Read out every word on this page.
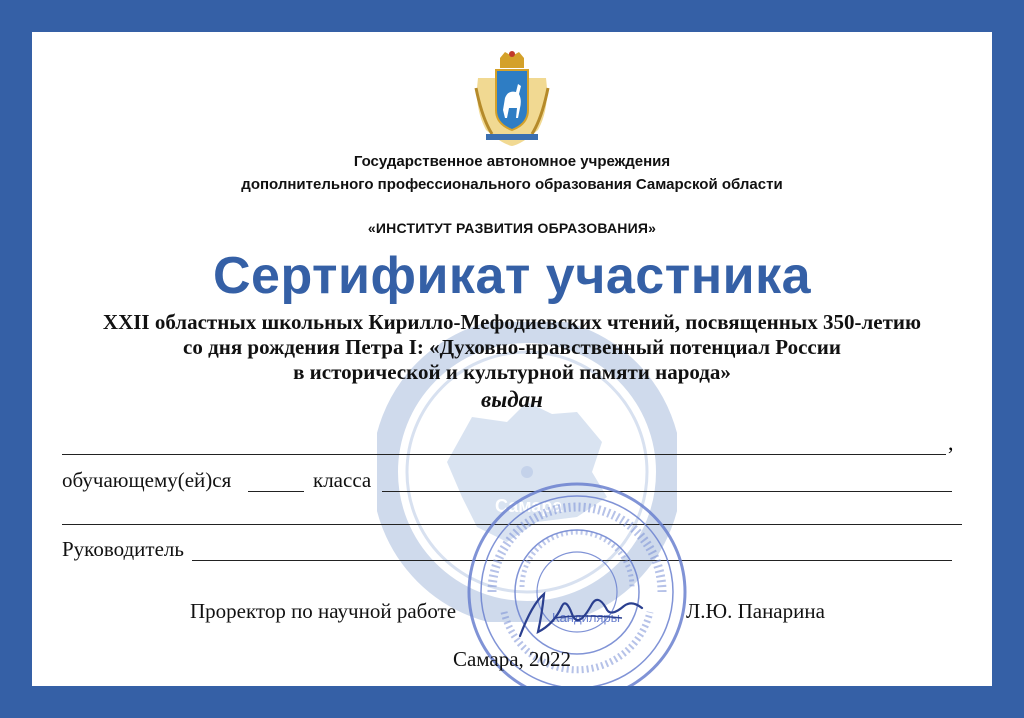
Самара
Государственное автономное учреждения
дополнительного профессионального образования Самарской области
«ИНСТИТУТ РАЗВИТИЯ ОБРАЗОВАНИЯ»
Сертификат участника
XXII областных школьных Кирилло-Мефодиевских чтений, посвященных 350-летию
со дня рождения Петра I: «Духовно-нравственный потенциал России
в исторической и культурной памяти народа»
выдан
,
обучающему(ей)ся	класса
Руководитель
Кандиляры
Проректор по научной работе	Л.Ю. Панарина
Самара, 2022
